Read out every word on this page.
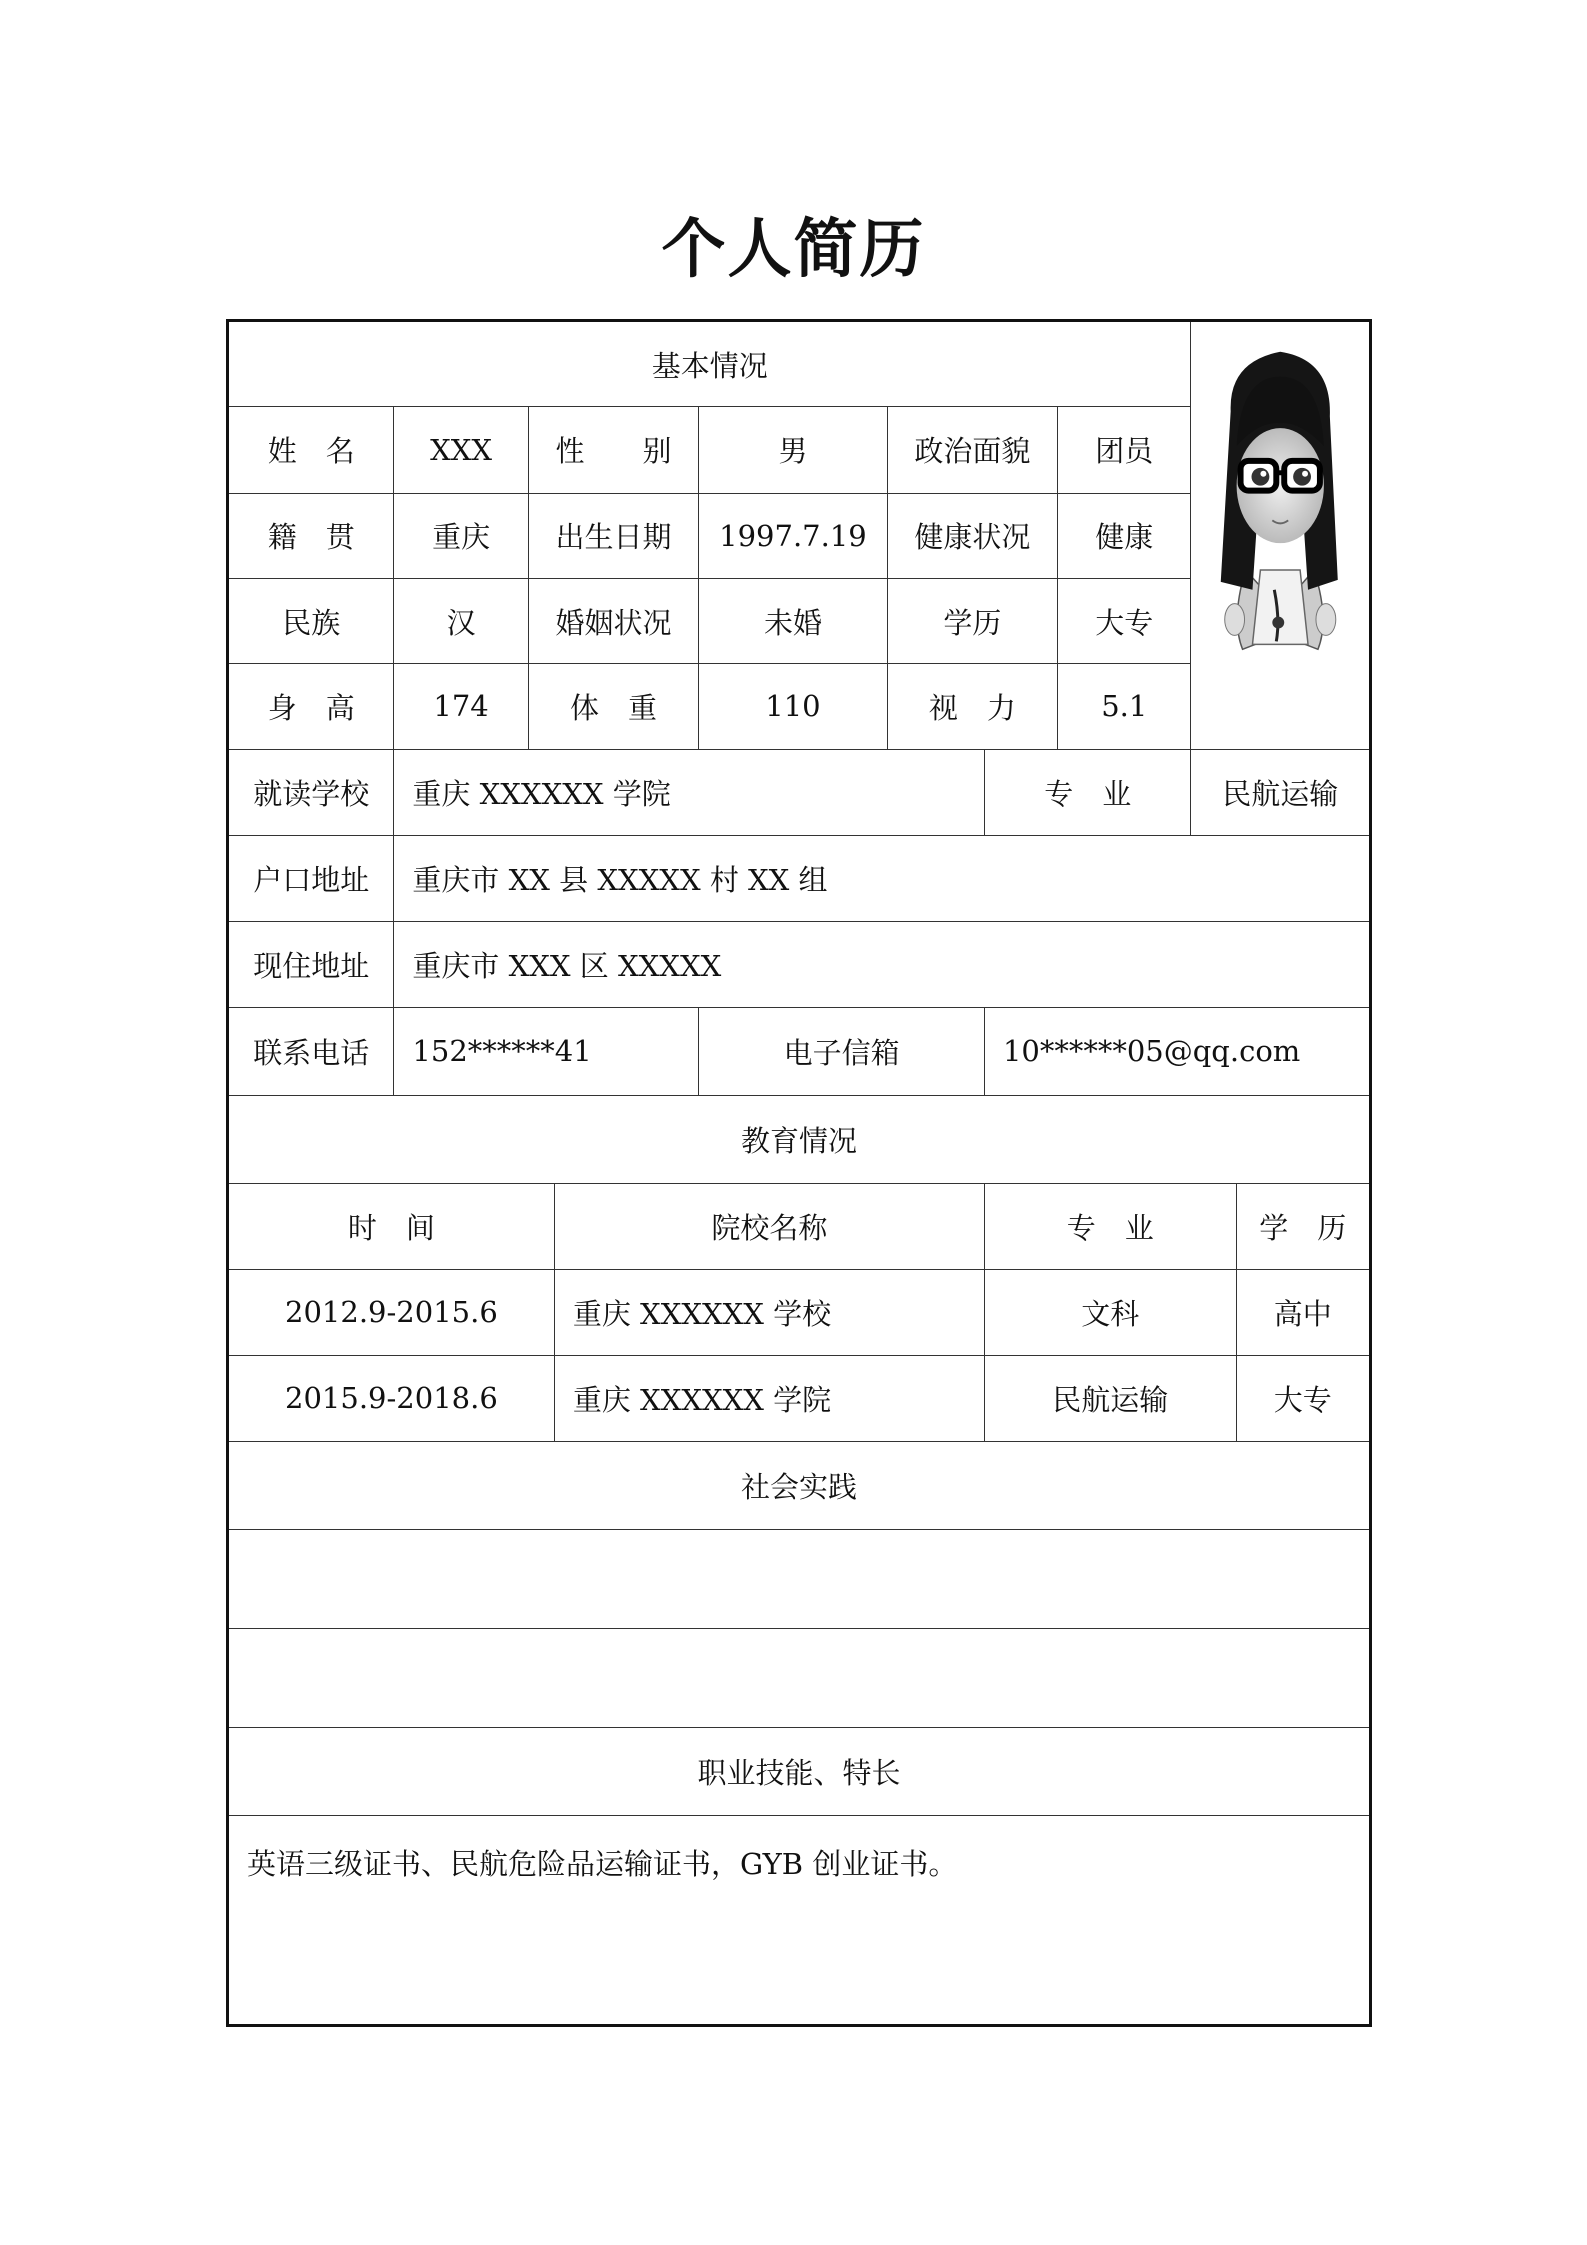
个人简历
基本情况	

姓　名	XXX	性　　别		男	政治面貌		团员		
籍　贯	重庆	出生日期		1997.7.19	健康状况		健康		
民族	汉	婚姻状况		未婚	学历		大专		
身　高	174	体　重		110	视　力		5.1		
就读学校	重庆 XXXXXX 学院					专　业		民航运输	
户口地址	重庆市 XX 县 XXXXX 村 XX 组								
现住地址	重庆市 XXX 区 XXXXX								
联系电话	152******41			电子信箱		10******05@qq.com			
教育情况									
时　间			院校名称			专　业			学　历
2012.9-2015.6			重庆 XXXXXX 学校			文科			高中
2015.9-2018.6			重庆 XXXXXX 学院			民航运输			大专
社会实践									

职业技能、特长									
英语三级证书、民航危险品运输证书，GYB 创业证书。									
